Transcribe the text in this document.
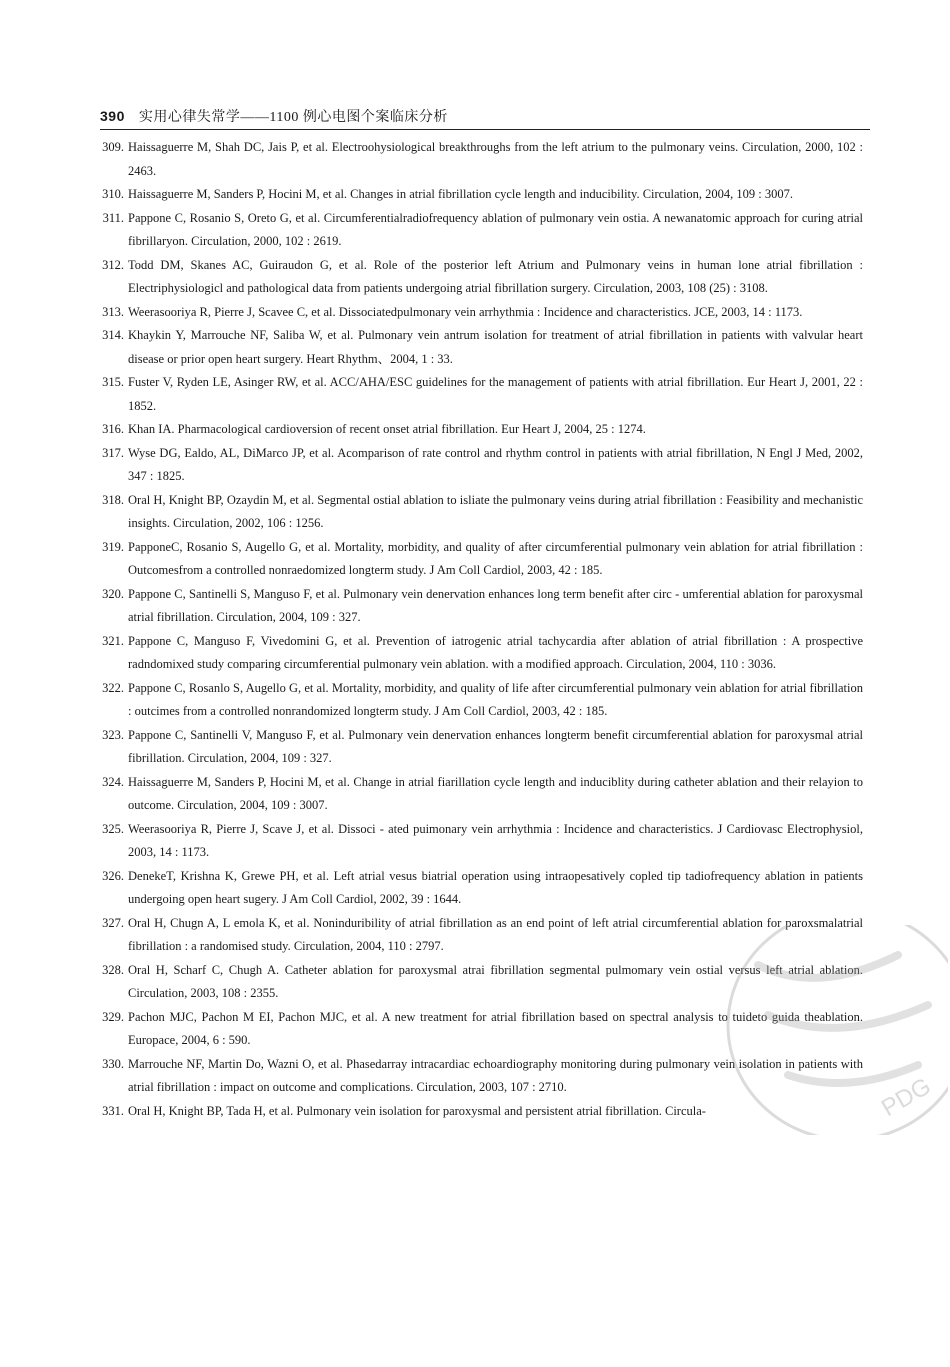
390 实用心律失常学——1100 例心电图个案临床分析
309. Haissaguerre M, Shah DC, Jais P, et al. Electroohysiological breakthroughs from the left atrium to the pulmonary veins. Circulation, 2000, 102 : 2463.
310. Haissaguerre M, Sanders P, Hocini M, et al. Changes in atrial fibrillation cycle length and inducibility. Circulation, 2004, 109 : 3007.
311. Pappone C, Rosanio S, Oreto G, et al. Circumferentialradiofrequency ablation of pulmonary vein ostia. A newanatomic approach for curing atrial fibrillaryon. Circulation, 2000, 102 : 2619.
312. Todd DM, Skanes AC, Guiraudon G, et al. Role of the posterior left Atrium and Pulmonary veins in human lone atrial fibrillation : Electriphysiologicl and pathological data from patients undergoing atrial fibrillation surgery. Circulation, 2003, 108 (25) : 3108.
313. Weerasooriya R, Pierre J, Scavee C, et al. Dissociatedpulmonary vein arrhythmia : Incidence and characteristics. JCE, 2003, 14 : 1173.
314. Khaykin Y, Marrouche NF, Saliba W, et al. Pulmonary vein antrum isolation for treatment of atrial fibrillation in patients with valvular heart disease or prior open heart surgery. Heart Rhythm、2004, 1 : 33.
315. Fuster V, Ryden LE, Asinger RW, et al. ACC/AHA/ESC guidelines for the management of patients with atrial fibrillation. Eur Heart J, 2001, 22 : 1852.
316. Khan IA. Pharmacological cardioversion of recent onset atrial fibrillation. Eur Heart J, 2004, 25 : 1274.
317. Wyse DG, Ealdo, AL, DiMarco JP, et al. Acomparison of rate control and rhythm control in patients with atrial fibrillation, N Engl J Med, 2002, 347 : 1825.
318. Oral H, Knight BP, Ozaydin M, et al. Segmental ostial ablation to isliate the pulmonary veins during atrial fibrillation : Feasibility and mechanistic insights. Circulation, 2002, 106 : 1256.
319. PapponeC, Rosanio S, Augello G, et al. Mortality, morbidity, and quality of after circumferential pulmonary vein ablation for atrial fibrillation : Outcomesfrom a controlled nonraedomized longterm study. J Am Coll Cardiol, 2003, 42 : 185.
320. Pappone C, Santinelli S, Manguso F, et al. Pulmonary vein denervation enhances long term benefit after circ - umferential ablation for paroxysmal atrial fibrillation. Circulation, 2004, 109 : 327.
321. Pappone C, Manguso F, Vivedomini G, et al. Prevention of iatrogenic atrial tachycardia after ablation of atrial fibrillation : A prospective radndomixed study comparing circumferential pulmonary vein ablation. with a modified approach. Circulation, 2004, 110 : 3036.
322. Pappone C, Rosanlo S, Augello G, et al. Mortality, morbidity, and quality of life after circumferential pulmonary vein ablation for atrial fibrillation : outcimes from a controlled nonrandomized longterm study. J Am Coll Cardiol, 2003, 42 : 185.
323. Pappone C, Santinelli V, Manguso F, et al. Pulmonary vein denervation enhances longterm benefit circumferential ablation for paroxysmal atrial fibrillation. Circulation, 2004, 109 : 327.
324. Haissaguerre M, Sanders P, Hocini M, et al. Change in atrial fiarillation cycle length and induciblity during catheter ablation and their relayion to outcome. Circulation, 2004, 109 : 3007.
325. Weerasooriya R, Pierre J, Scave J, et al. Dissoci - ated puimonary vein arrhythmia : Incidence and characteristics. J Cardiovasc Electrophysiol, 2003, 14 : 1173.
326. DenekeT, Krishna K, Grewe PH, et al. Left atrial vesus biatrial operation using intraopesatively copled tip tadiofrequency ablation in patients undergoing open heart sugery. J Am Coll Cardiol, 2002, 39 : 1644.
327. Oral H, Chugn A, L emola K, et al. Noninduribility of atrial fibrillation as an end point of left atrial circumferential ablation for paroxsmalatrial fibrillation : a randomised study. Circulation, 2004, 110 : 2797.
328. Oral H, Scharf C, Chugh A. Catheter ablation for paroxysmal atrai fibrillation segmental pulmomary vein ostial versus left atrial ablation. Circulation, 2003, 108 : 2355.
329. Pachon MJC, Pachon M EI, Pachon MJC, et al. A new treatment for atrial fibrillation based on spectral analysis to tuideto guida theablation. Europace, 2004, 6 : 590.
330. Marrouche NF, Martin Do, Wazni O, et al. Phasedarray intracardiac echoardiography monitoring during pulmonary vein isolation in patients with atrial fibrillation : impact on outcome and complications. Circulation, 2003, 107 : 2710.
331. Oral H, Knight BP, Tada H, et al. Pulmonary vein isolation for paroxysmal and persistent atrial fibrillation. Circula-	PDG
